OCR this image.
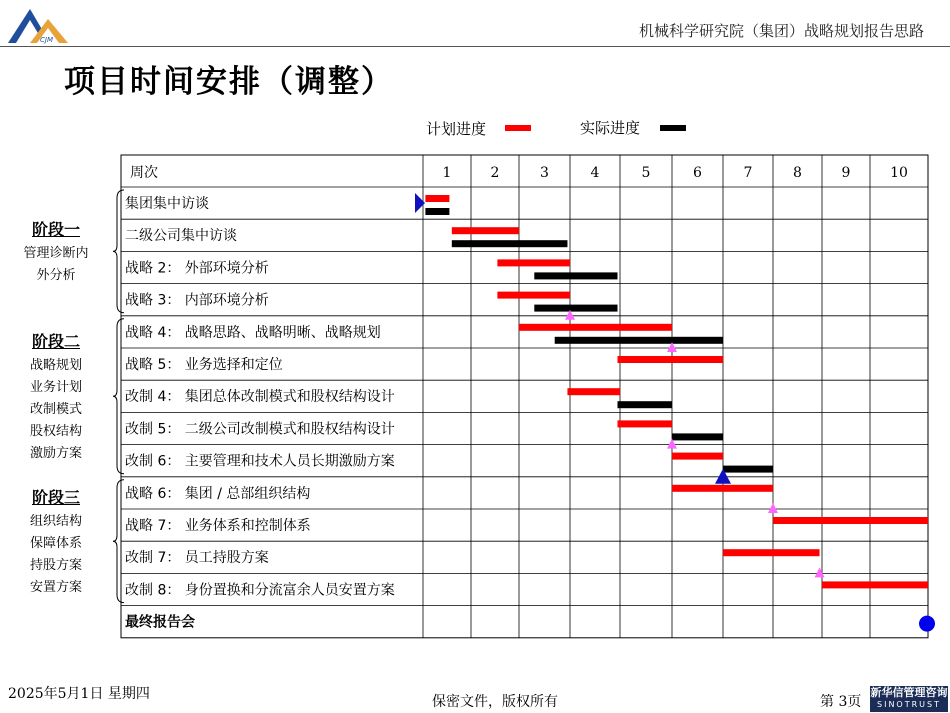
CJM	机械科学研究院（集团）战略规划报告思路
项目时间安排（调整）
计划进度	实际进度
周次	1	2	3	4	5	6	7	8	9	10
集团集中访谈
二级公司集中访谈
战略 2： 外部环境分析
战略 3： 内部环境分析
战略 4： 战略思路、战略明晰、战略规划
战略 5： 业务选择和定位
改制 4： 集团总体改制模式和股权结构设计
改制 5： 二级公司改制模式和股权结构设计
改制 6： 主要管理和技术人员长期激励方案
战略 6： 集团 / 总部组织结构
战略 7： 业务体系和控制体系
改制 7： 员工持股方案
改制 8： 身份置换和分流富余人员安置方案
最终报告会
阶段一
管理诊断内
外分析
阶段二
战略规划
业务计划
改制模式
股权结构
激励方案
阶段三
组织结构
保障体系
持股方案
安置方案
2025年5月1日 星期四	保密文件，版权所有	第 3页
新华信管理咨询
SINOTRUST
